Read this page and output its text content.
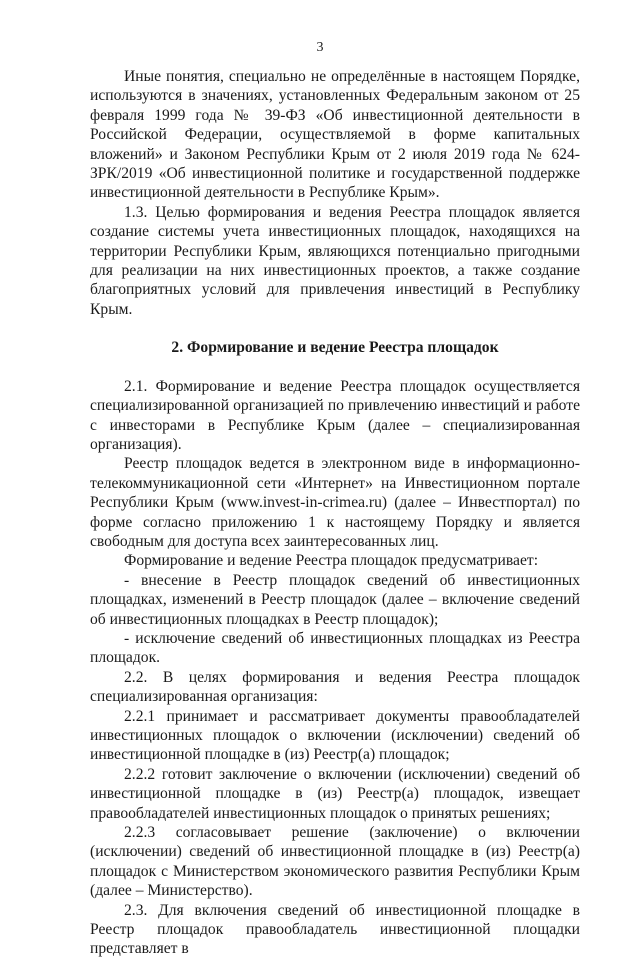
3

Иные понятия, специально не определённые в настоящем Порядке, используются в значениях, установленных Федеральным законом от 25 февраля 1999 года № 39-ФЗ «Об инвестиционной деятельности в Российской Федерации, осуществляемой в форме капитальных вложений» и Законом Республики Крым от 2 июля 2019 года № 624-ЗРК/2019 «Об инвестиционной политике и государственной поддержке инвестиционной деятельности в Республике Крым».

1.3. Целью формирования и ведения Реестра площадок является создание системы учета инвестиционных площадок, находящихся на территории Республики Крым, являющихся потенциально пригодными для реализации на них инвестиционных проектов, а также создание благоприятных условий для привлечения инвестиций в Республику Крым.

2. Формирование и ведение Реестра площадок

2.1. Формирование и ведение Реестра площадок осуществляется специализированной организацией по привлечению инвестиций и работе с инвесторами в Республике Крым (далее – специализированная организация).

Реестр площадок ведется в электронном виде в информационно-телекоммуникационной сети «Интернет» на Инвестиционном портале Республики Крым (www.invest-in-crimea.ru) (далее – Инвестпортал) по форме согласно приложению 1 к настоящему Порядку и является свободным для доступа всех заинтересованных лиц.

Формирование и ведение Реестра площадок предусматривает:

- внесение в Реестр площадок сведений об инвестиционных площадках, изменений в Реестр площадок (далее – включение сведений об инвестиционных площадках в Реестр площадок);

- исключение сведений об инвестиционных площадках из Реестра площадок.

2.2. В целях формирования и ведения Реестра площадок специализированная организация:

2.2.1 принимает и рассматривает документы правообладателей инвестиционных площадок о включении (исключении) сведений об инвестиционной площадке в (из) Реестр(а) площадок;

2.2.2 готовит заключение о включении (исключении) сведений об инвестиционной площадке в (из) Реестр(а) площадок, извещает правообладателей инвестиционных площадок о принятых решениях;

2.2.3 согласовывает решение (заключение) о включении (исключении) сведений об инвестиционной площадке в (из) Реестр(а) площадок с Министерством экономического развития Республики Крым (далее – Министерство).

2.3. Для включения сведений об инвестиционной площадке в Реестр площадок правообладатель инвестиционной площадки представляет в
